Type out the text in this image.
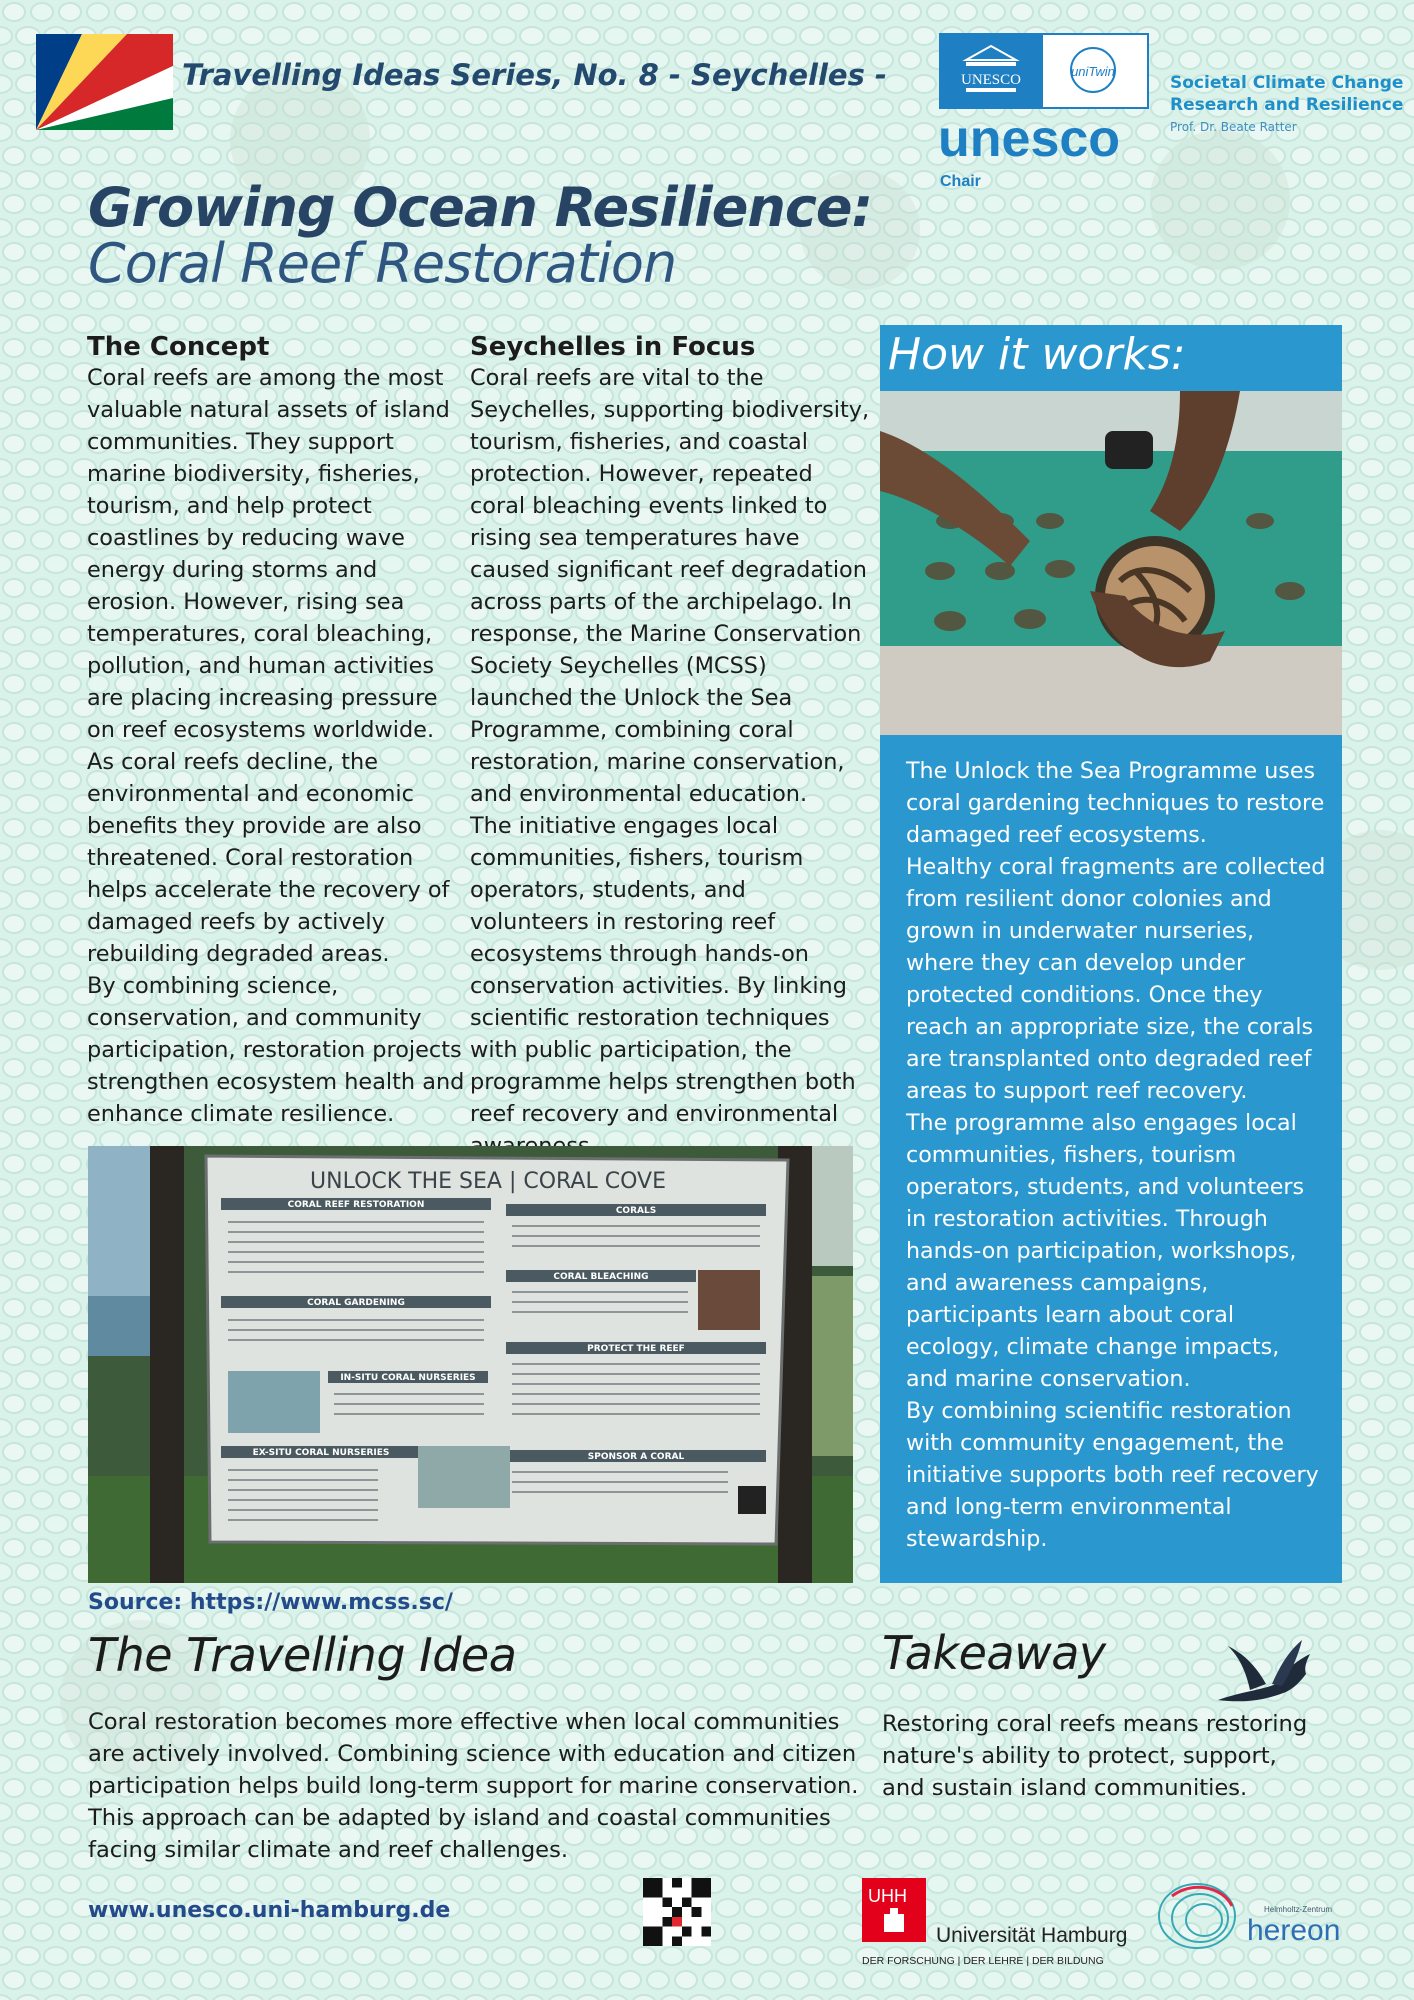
Travelling Ideas Series, No. 8 - Seychelles -	UNESCO
uniTwin
unesco
Chair
Societal Climate Change Research and Resilience
Prof. Dr. Beate Ratter
Growing Ocean Resilience:
Coral Reef Restoration
The Concept

Coral reefs are among the most valuable natural assets of island communities. They support marine biodiversity, fisheries, tourism, and help protect coastlines by reducing wave energy during storms and erosion. However, rising sea temperatures, coral bleaching, pollution, and human activities are placing increasing pressure on reef ecosystems worldwide.

As coral reefs decline, the environmental and economic benefits they provide are also threatened. Coral restoration helps accelerate the recovery of damaged reefs by actively rebuilding degraded areas.

By combining science, conservation, and community participation, restoration projects strengthen ecosystem health and enhance climate resilience.

Seychelles in Focus

Coral reefs are vital to the Seychelles, supporting biodiversity, tourism, fisheries, and coastal protection. However, repeated coral bleaching events linked to rising sea temperatures have caused significant reef degradation across parts of the archipelago. In response, the Marine Conservation Society Seychelles (MCSS) launched the Unlock the Sea Programme, combining coral restoration, marine conservation, and environmental education.

The initiative engages local communities, fishers, tourism operators, students, and volunteers in restoring reef ecosystems through hands-on conservation activities. By linking scientific restoration techniques with public participation, the programme helps strengthen both reef recovery and environmental

How it works:

The Unlock the Sea Programme uses coral gardening techniques to restore damaged reef ecosystems.

Healthy coral fragments are collected from resilient donor colonies and grown in underwater nurseries, where they can develop under protected conditions. Once they reach an appropriate size, the corals are transplanted onto degraded reef areas to support reef recovery.

The programme also engages local communities, fishers, tourism operators, students, and volunteers in restoration activities. Through hands-on participation, workshops, and awareness campaigns, participants learn about coral ecology, climate change impacts, and marine conservation.

By combining scientific restoration with community engagement, the initiative supports both reef recovery and long-term environmental stewardship.

UNLOCK THE SEA | CORAL COVE
CORAL REEF RESTORATION
CORAL GARDENING
IN-SITU CORAL NURSERIES
EX-SITU CORAL NURSERIES
CORALS
CORAL BLEACHING
PROTECT THE REEF
SPONSOR A CORAL
Source: https://www.mcss.sc/
The Travelling Idea
Coral restoration becomes more effective when local communities are actively involved. Combining science with education and citizen participation helps build long-term support for marine conservation. This approach can be adapted by island and coastal communities facing similar climate and reef challenges.
Takeaway
Restoring coral reefs means restoring nature's ability to protect, support, and sustain island communities.
www.unesco.uni-hamburg.de
UHH
Universität Hamburg
DER FORSCHUNG | DER LEHRE | DER BILDUNG
Helmholtz-Zentrum
hereon
